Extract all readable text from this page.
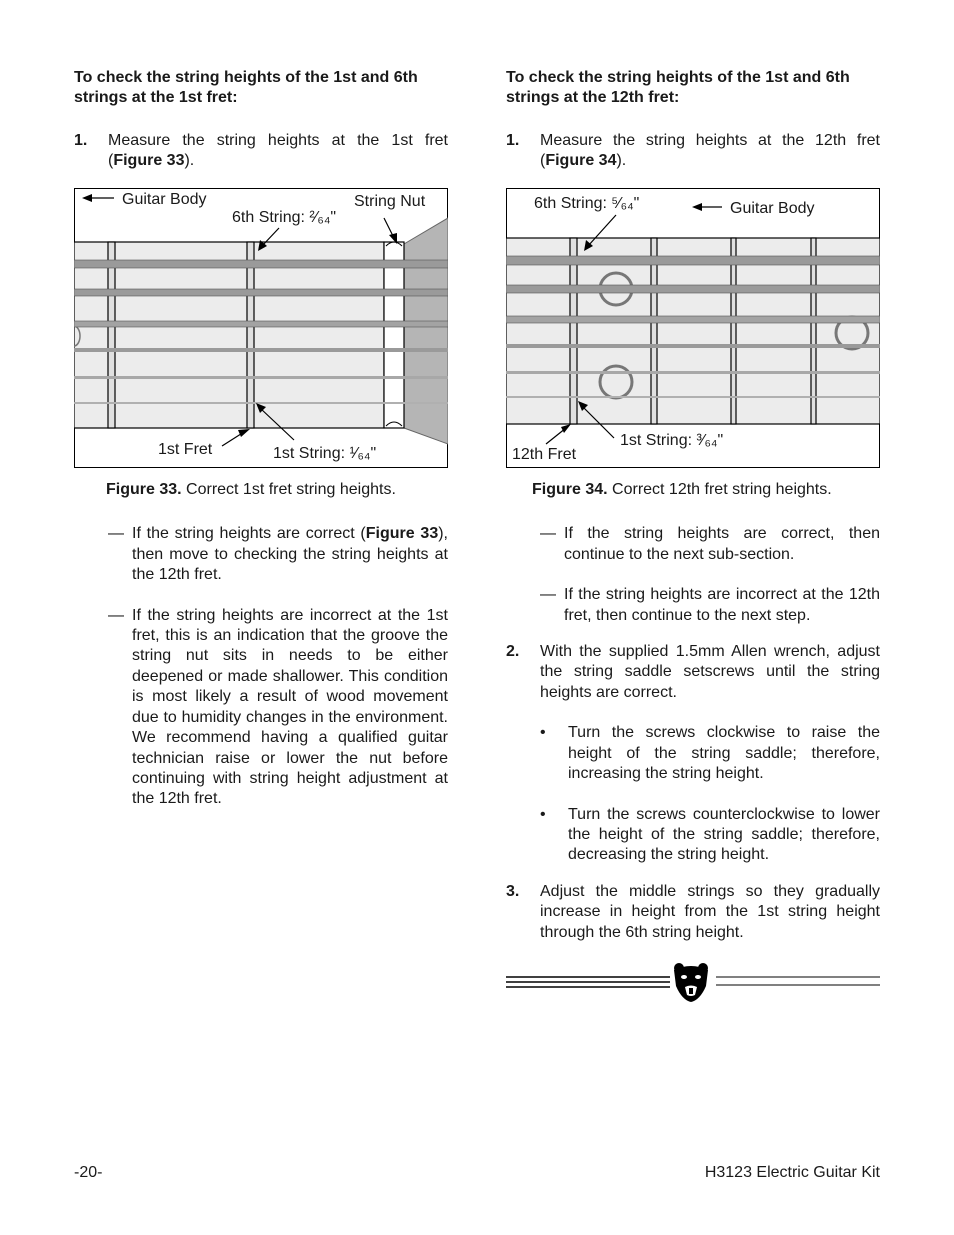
To check the string heights of the 1st and 6th strings at the 1st fret:

1. Measure the string heights at the 1st fret (Figure 33).
Guitar Body	String Nut
6th String: ²⁄₆₄"
1st Fret	1st String: ¹⁄₆₄"
Figure 33. Correct 1st fret string heights.
— If the string heights are correct (Figure 33), then move to checking the string heights at the 12th fret.
— If the string heights are incorrect at the 1st fret, this is an indication that the groove the string nut sits in needs to be either deepened or made shallower. This condition is most likely a result of wood movement due to humidity changes in the environment. We recommend having a qualified guitar technician raise or lower the nut before continuing with string height adjustment at the 12th fret.

To check the string heights of the 1st and 6th strings at the 12th fret:

1. Measure the string heights at the 12th fret (Figure 34).
6th String: ⁵⁄₆₄"	Guitar Body
12th Fret
1st String: ³⁄₆₄"
Figure 34. Correct 12th fret string heights.
— If the string heights are correct, then continue to the next sub-section.
— If the string heights are incorrect at the 12th fret, then continue to the next step.
2. With the supplied 1.5mm Allen wrench, adjust the string saddle setscrews until the string heights are correct.
• Turn the screws clockwise to raise the height of the string saddle; therefore, increasing the string height.
• Turn the screws counterclockwise to lower the height of the string saddle; therefore, decreasing the string height.
3. Adjust the middle strings so they gradually increase in height from the 1st string height through the 6th string height.
-20-	H3123 Electric Guitar Kit
